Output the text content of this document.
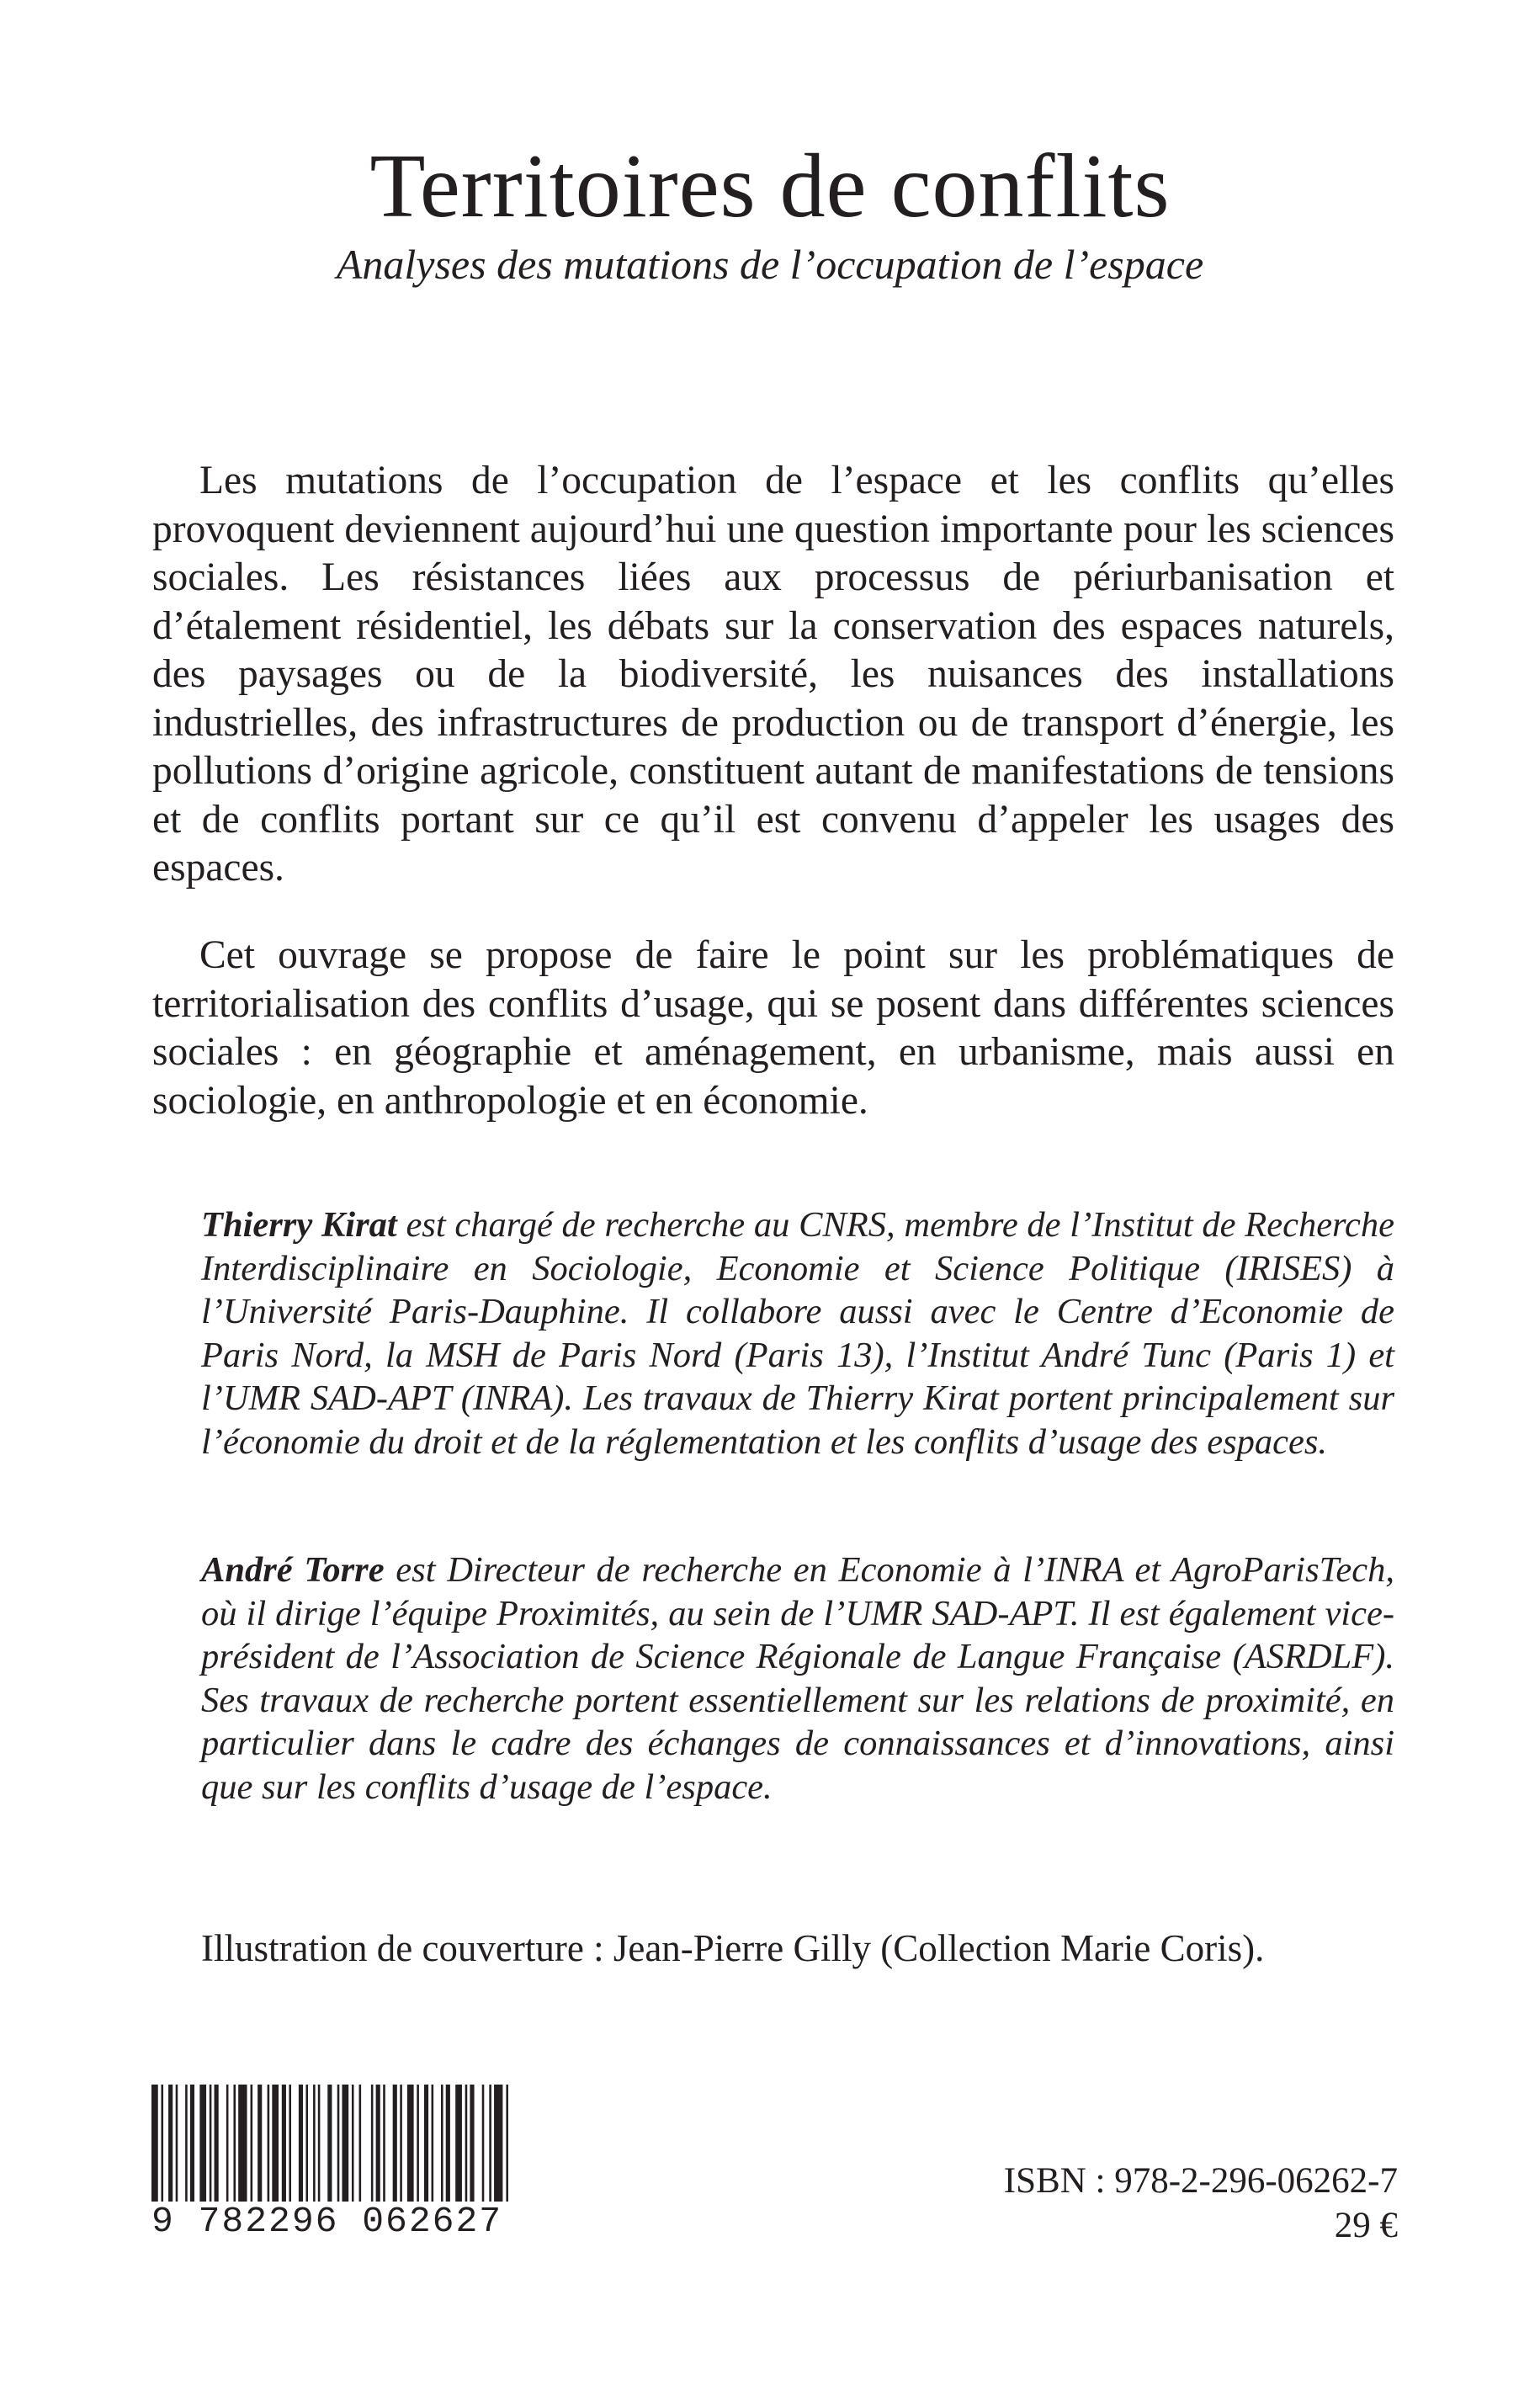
Territoires de conflits
Analyses des mutations de l’occupation de l’espace

Les mutations de l’occupation de l’espace et les conflits qu’elles provoquent deviennent aujourd’hui une question importante pour les sciences sociales. Les résistances liées aux processus de périurbanisation et d’étalement résidentiel, les débats sur la conservation des espaces naturels, des paysages ou de la biodiversité, les nuisances des installations industrielles, des infrastructures de production ou de transport d’énergie, les pollutions d’origine agricole, constituent autant de manifestations de tensions et de conflits portant sur ce qu’il est convenu d’appeler les usages des espaces.

Cet ouvrage se propose de faire le point sur les problématiques de territorialisation des conflits d’usage, qui se posent dans différentes sciences sociales : en géographie et aménagement, en urbanisme, mais aussi en sociologie, en anthropologie et en économie.

Thierry Kirat est chargé de recherche au CNRS, membre de l’Institut de Recherche Interdisciplinaire en Sociologie, Economie et Science Politique (IRISES) à l’Université Paris-Dauphine. Il collabore aussi avec le Centre d’Economie de Paris Nord, la MSH de Paris Nord (Paris 13), l’Institut André Tunc (Paris 1) et l’UMR SAD-APT (INRA). Les travaux de Thierry Kirat portent principalement sur l’économie du droit et de la réglementation et les conflits d’usage des espaces.

André Torre est Directeur de recherche en Economie à l’INRA et AgroParisTech, où il dirige l’équipe Proximités, au sein de l’UMR SAD-APT. Il est également vice-président de l’Association de Science Régionale de Langue Française (ASRDLF). Ses travaux de recherche portent essentiellement sur les relations de proximité, en particulier dans le cadre des échanges de connaissances et d’innovations, ainsi que sur les conflits d’usage de l’espace.

Illustration de couverture : Jean-Pierre Gilly (Collection Marie Coris).
9 782296 062627
ISBN : 978-2-296-06262-7
29 €
